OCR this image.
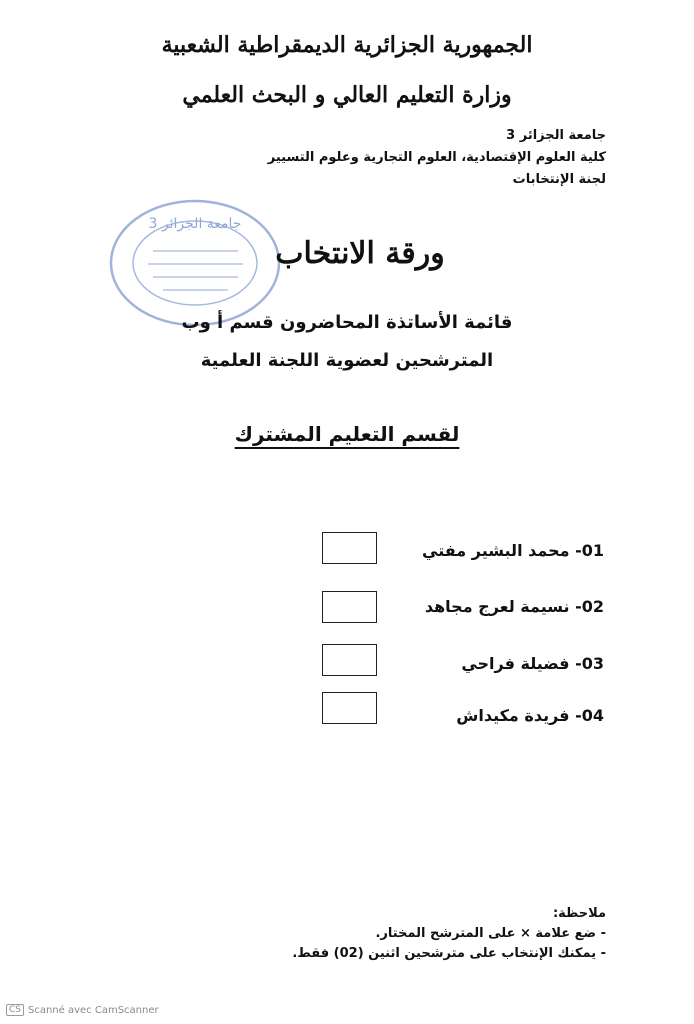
الجمهورية الجزائرية الديمقراطية الشعبية
وزارة التعليم العالي و البحث العلمي
جامعة الجزائر 3
كلية العلوم الإقتصادية، العلوم التجارية وعلوم التسيير
لجنة الإنتخابات
جامعة الجزائر 3
ورقة الانتخاب
قائمة الأساتذة المحاضرون قسم أ وب
المترشحين لعضوية اللجنة العلمية
لقسم التعليم المشترك
01- محمد البشير مفتي
02- نسيمة لعرج مجاهد
03- فضيلة فراحي
04- فريدة مكيداش
ملاحظة:
- ضع علامة × على المترشح المختار.
- يمكنك الإنتخاب على مترشحين اثنين (02) فقط.
CS Scanné avec CamScanner
